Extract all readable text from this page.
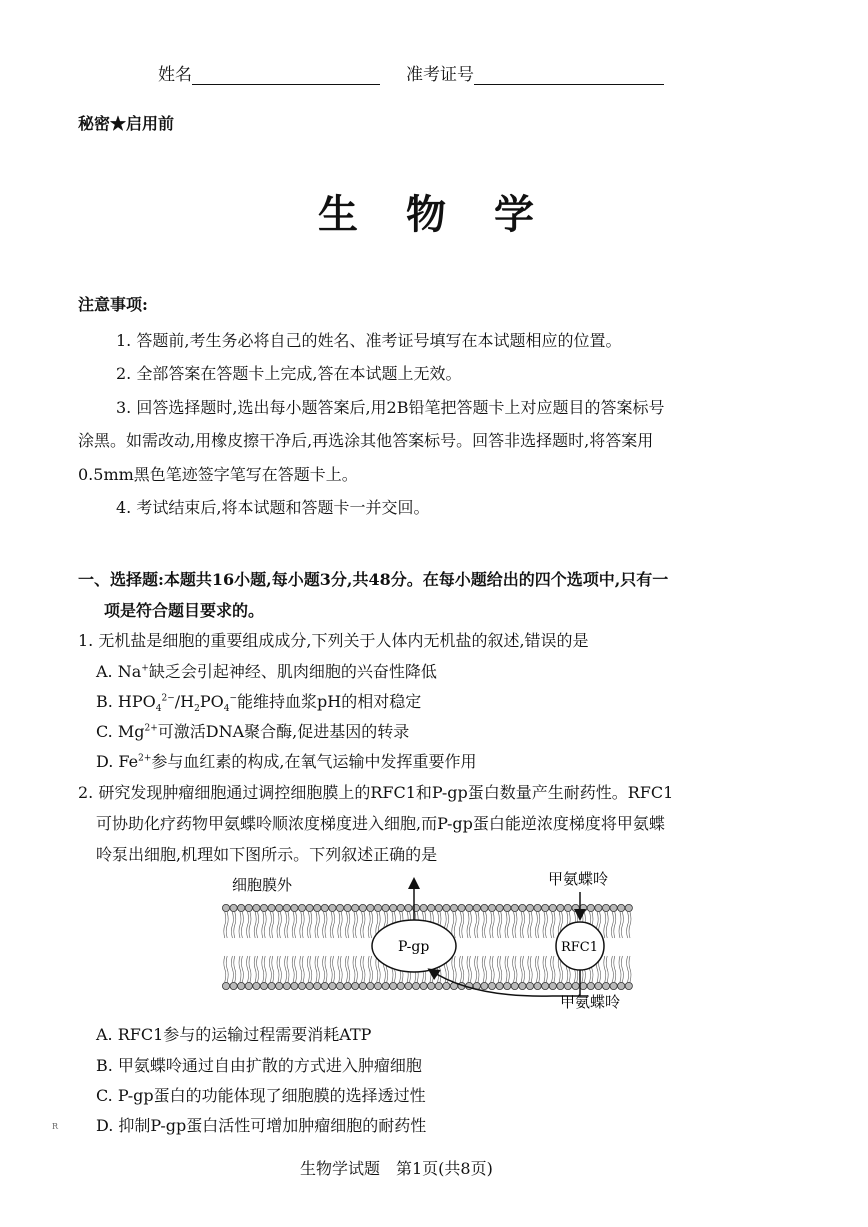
姓名	准考证号
秘密★启用前
生物学
注意事项:
1. 答题前,考生务必将自己的姓名、准考证号填写在本试题相应的位置。
2. 全部答案在答题卡上完成,答在本试题上无效。
3. 回答选择题时,选出每小题答案后,用2B铅笔把答题卡上对应题目的答案标号
涂黑。如需改动,用橡皮擦干净后,再选涂其他答案标号。回答非选择题时,将答案用
0.5mm黑色笔迹签字笔写在答题卡上。
4. 考试结束后,将本试题和答题卡一并交回。
一、选择题:本题共16小题,每小题3分,共48分。在每小题给出的四个选项中,只有一
项是符合题目要求的。
1. 无机盐是细胞的重要组成成分,下列关于人体内无机盐的叙述,错误的是
A. Na+缺乏会引起神经、肌肉细胞的兴奋性降低
B. $HPO_4^{2-}/H_2PO_4^-$能维持血浆pH的相对稳定
C. $Mg^{2+}$可激活DNA聚合酶,促进基因的转录
D. $Fe^{2+}$参与血红素的构成,在氧气运输中发挥重要作用
2. 研究发现肿瘤细胞通过调控细胞膜上的RFC1和P-gp蛋白数量产生耐药性。RFC1
可协助化疗药物甲氨蝶呤顺浓度梯度进入细胞,而P-gp蛋白能逆浓度梯度将甲氨蝶
呤泵出细胞,机理如下图所示。下列叙述正确的是
细胞膜外
P-gp	RFC1
甲氨蝶呤
甲氨蝶呤
A. RFC1参与的运输过程需要消耗ATP
B. 甲氨蝶呤通过自由扩散的方式进入肿瘤细胞
C. P-gp蛋白的功能体现了细胞膜的选择透过性
D. 抑制P-gp蛋白活性可增加肿瘤细胞的耐药性
R
生物学试题　第1页(共8页)
